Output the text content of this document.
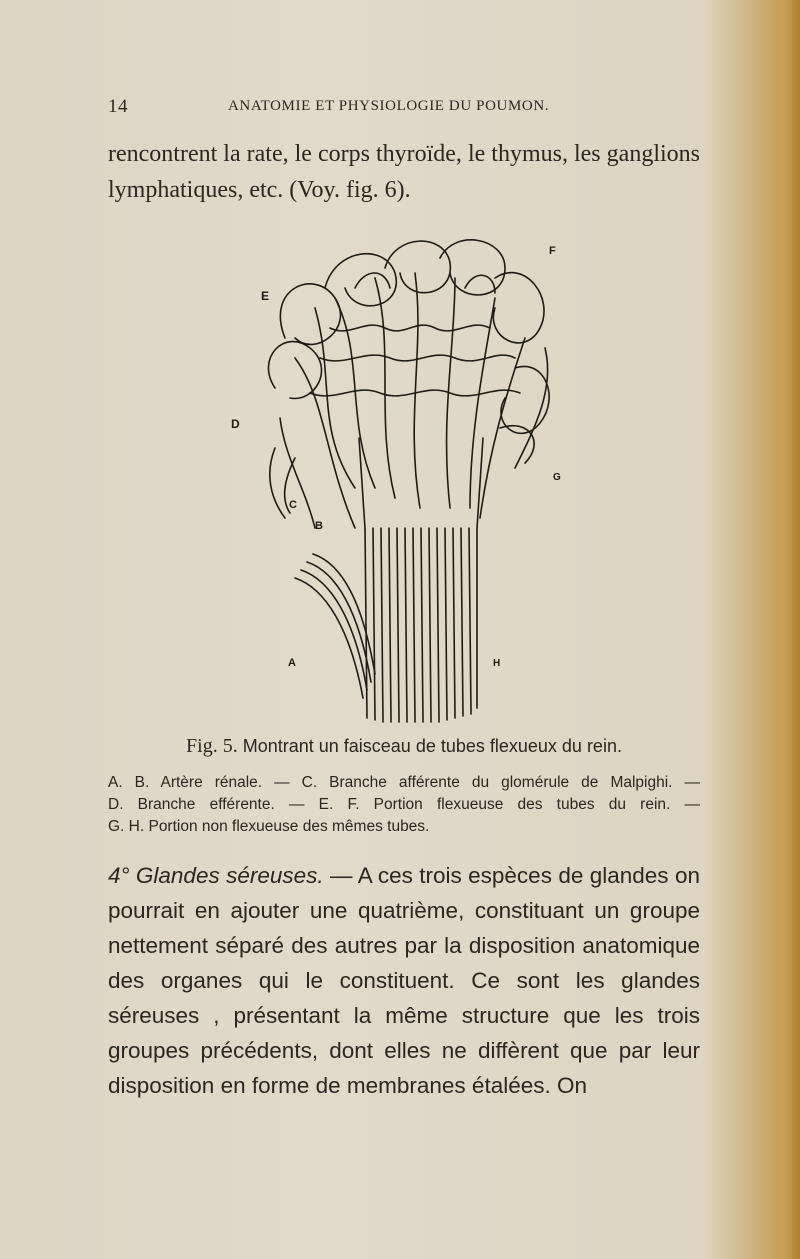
14	ANATOMIE ET PHYSIOLOGIE DU POUMON.

rencontrent la rate, le corps thyroïde, le thymus, les ganglions lymphatiques, etc. (Voy. fig. 6).

E
F
D
C
B
G
A	H
Fig. 5. Montrant un faisceau de tubes flexueux du rein.

A. B. Artère rénale. — C. Branche afférente du glomérule de Malpighi. —
D. Branche efférente. — E. F. Portion flexueuse des tubes du rein. —
G. H. Portion non flexueuse des mêmes tubes.

4° Glandes séreuses. — A ces trois espèces de glandes on pourrait en ajouter une quatrième, constituant un groupe nettement séparé des autres par la disposition anatomique des organes qui le constituent. Ce sont les glandes séreuses , présentant la même structure que les trois groupes précédents, dont elles ne diffèrent que par leur disposition en forme de membranes étalées. On
